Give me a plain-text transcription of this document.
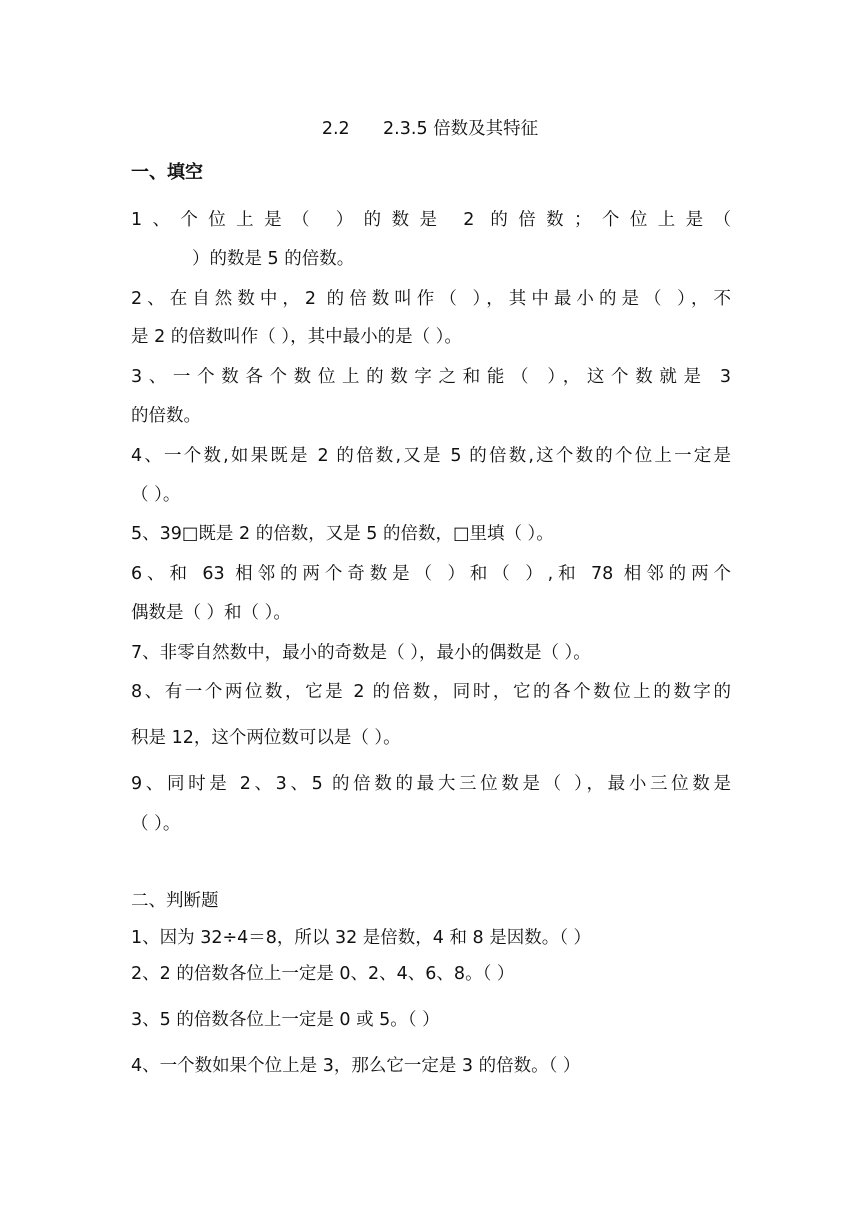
2.2      2.3.5 倍数及其特征
一、填空
1、个位上是（ ）的数是 2 的倍数；个位上是（
）的数是 5 的倍数。
2、在自然数中，2 的倍数叫作（ ），其中最小的是（ ），不
是 2 的倍数叫作（ ），其中最小的是（ ）。
3、一个数各个数位上的数字之和能（ ），这个数就是 3
的倍数。
4、一个数,如果既是 2 的倍数,又是 5 的倍数,这个数的个位上一定是
（ ）。
5、39□既是 2 的倍数，又是 5 的倍数，□里填（ ）。
6、和 63 相邻的两个奇数是（ ）和（ ）,和 78 相邻的两个
偶数是（ ）和（ ）。
7、非零自然数中，最小的奇数是（ ），最小的偶数是（ ）。
8、有一个两位数，它是 2 的倍数，同时，它的各个数位上的数字的
积是 12，这个两位数可以是（ ）。
9、同时是 2、3、5 的倍数的最大三位数是（ ），最小三位数是
（ ）。
二、判断题
1、因为 32÷4＝8，所以 32 是倍数，4 和 8 是因数。（ ）
2、2 的倍数各位上一定是 0、2、4、6、8。（ ）
3、5 的倍数各位上一定是 0 或 5。（ ）
4、一个数如果个位上是 3，那么它一定是 3 的倍数。（ ）
